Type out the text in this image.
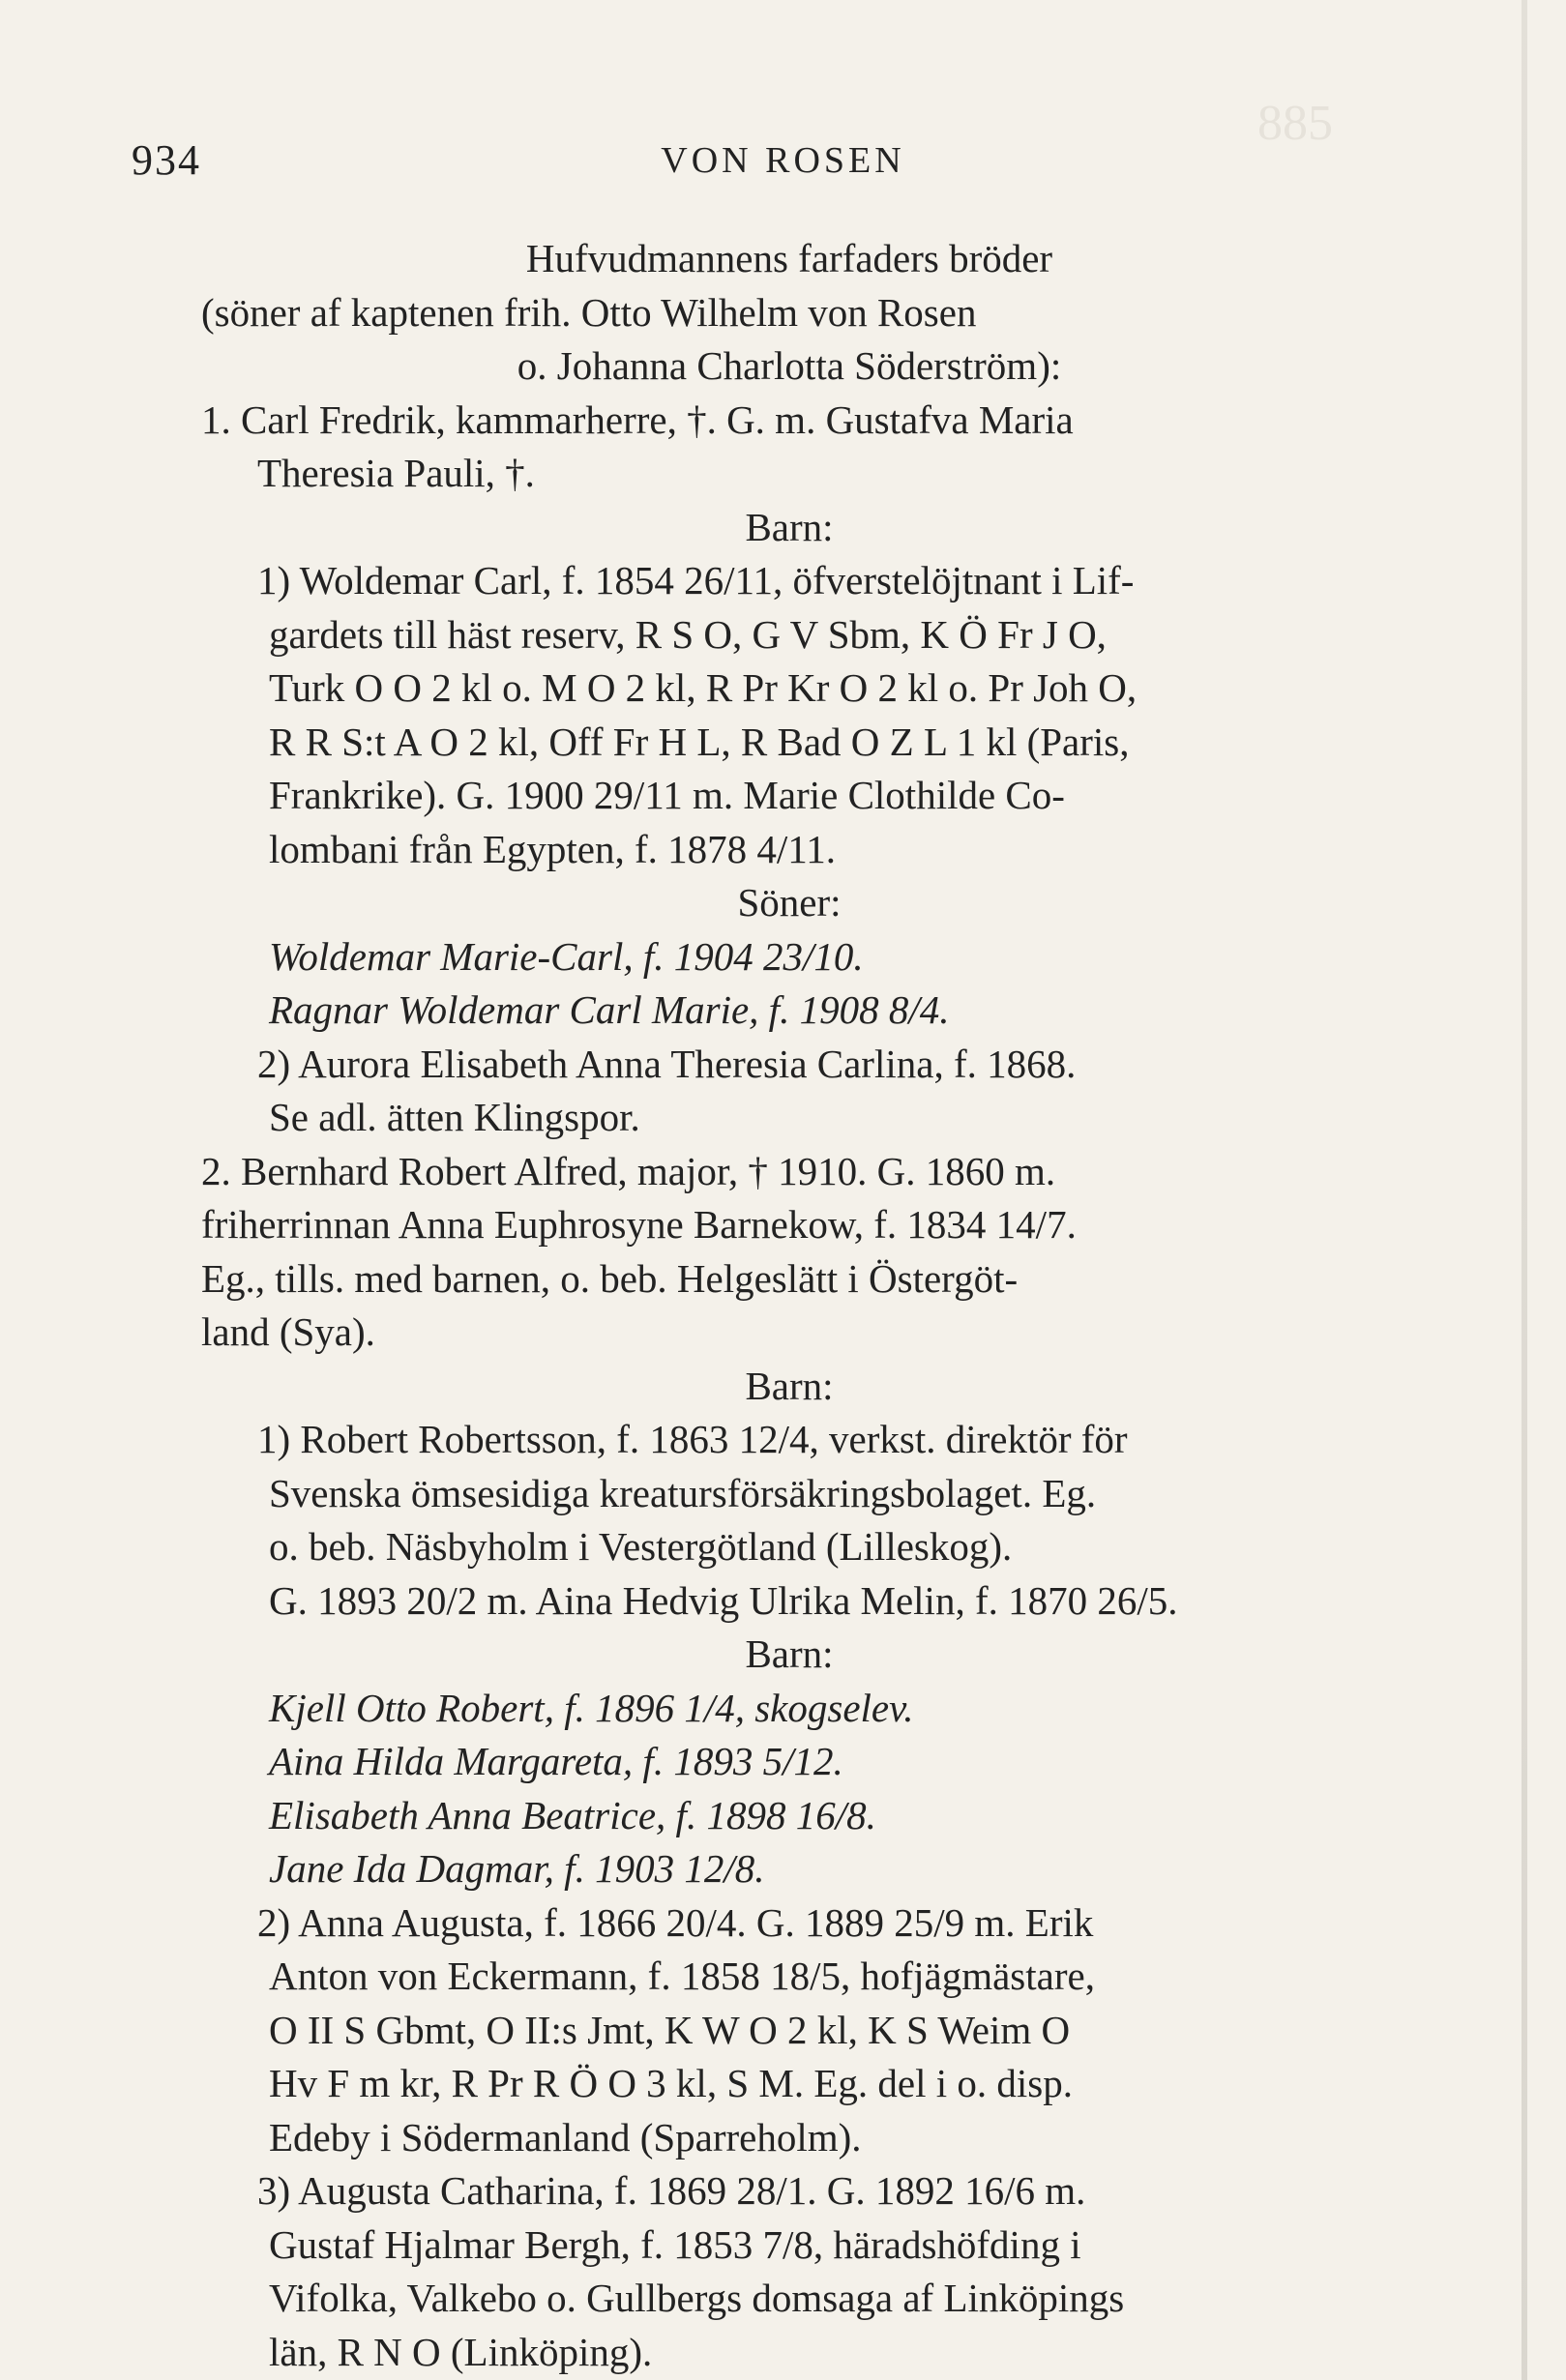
885
934	VON ROSEN
Hufvudmannens farfaders bröder
(söner af kaptenen frih. Otto Wilhelm von Rosen
o. Johanna Charlotta Söderström):
1. Carl Fredrik, kammarherre, †. G. m. Gustafva Maria
Theresia Pauli, †.
Barn:
1) Woldemar Carl, f. 1854 26/11, öfverstelöjtnant i Lif-
gardets till häst reserv, R S O, G V Sbm, K Ö Fr J O,
Turk O O 2 kl o. M O 2 kl, R Pr Kr O 2 kl o. Pr Joh O,
R R S:t A O 2 kl, Off Fr H L, R Bad O Z L 1 kl (Paris,
Frankrike). G. 1900 29/11 m. Marie Clothilde Co-
lombani från Egypten, f. 1878 4/11.
Söner:
Woldemar Marie-Carl, f. 1904 23/10.
Ragnar Woldemar Carl Marie, f. 1908 8/4.
2) Aurora Elisabeth Anna Theresia Carlina, f. 1868.
Se adl. ätten Klingspor.
2. Bernhard Robert Alfred, major, † 1910. G. 1860 m.
friherrinnan Anna Euphrosyne Barnekow, f. 1834 14/7.
Eg., tills. med barnen, o. beb. Helgeslätt i Östergöt-
land (Sya).
Barn:
1) Robert Robertsson, f. 1863 12/4, verkst. direktör för
Svenska ömsesidiga kreatursförsäkringsbolaget. Eg.
o. beb. Näsbyholm i Vestergötland (Lilleskog).
G. 1893 20/2 m. Aina Hedvig Ulrika Melin, f. 1870 26/5.
Barn:
Kjell Otto Robert, f. 1896 1/4, skogselev.
Aina Hilda Margareta, f. 1893 5/12.
Elisabeth Anna Beatrice, f. 1898 16/8.
Jane Ida Dagmar, f. 1903 12/8.
2) Anna Augusta, f. 1866 20/4. G. 1889 25/9 m. Erik
Anton von Eckermann, f. 1858 18/5, hofjägmästare,
O II S Gbmt, O II:s Jmt, K W O 2 kl, K S Weim O
Hv F m kr, R Pr R Ö O 3 kl, S M. Eg. del i o. disp.
Edeby i Södermanland (Sparreholm).
3) Augusta Catharina, f. 1869 28/1. G. 1892 16/6 m.
Gustaf Hjalmar Bergh, f. 1853 7/8, häradshöfding i
Vifolka, Valkebo o. Gullbergs domsaga af Linköpings
län, R N O (Linköping).
